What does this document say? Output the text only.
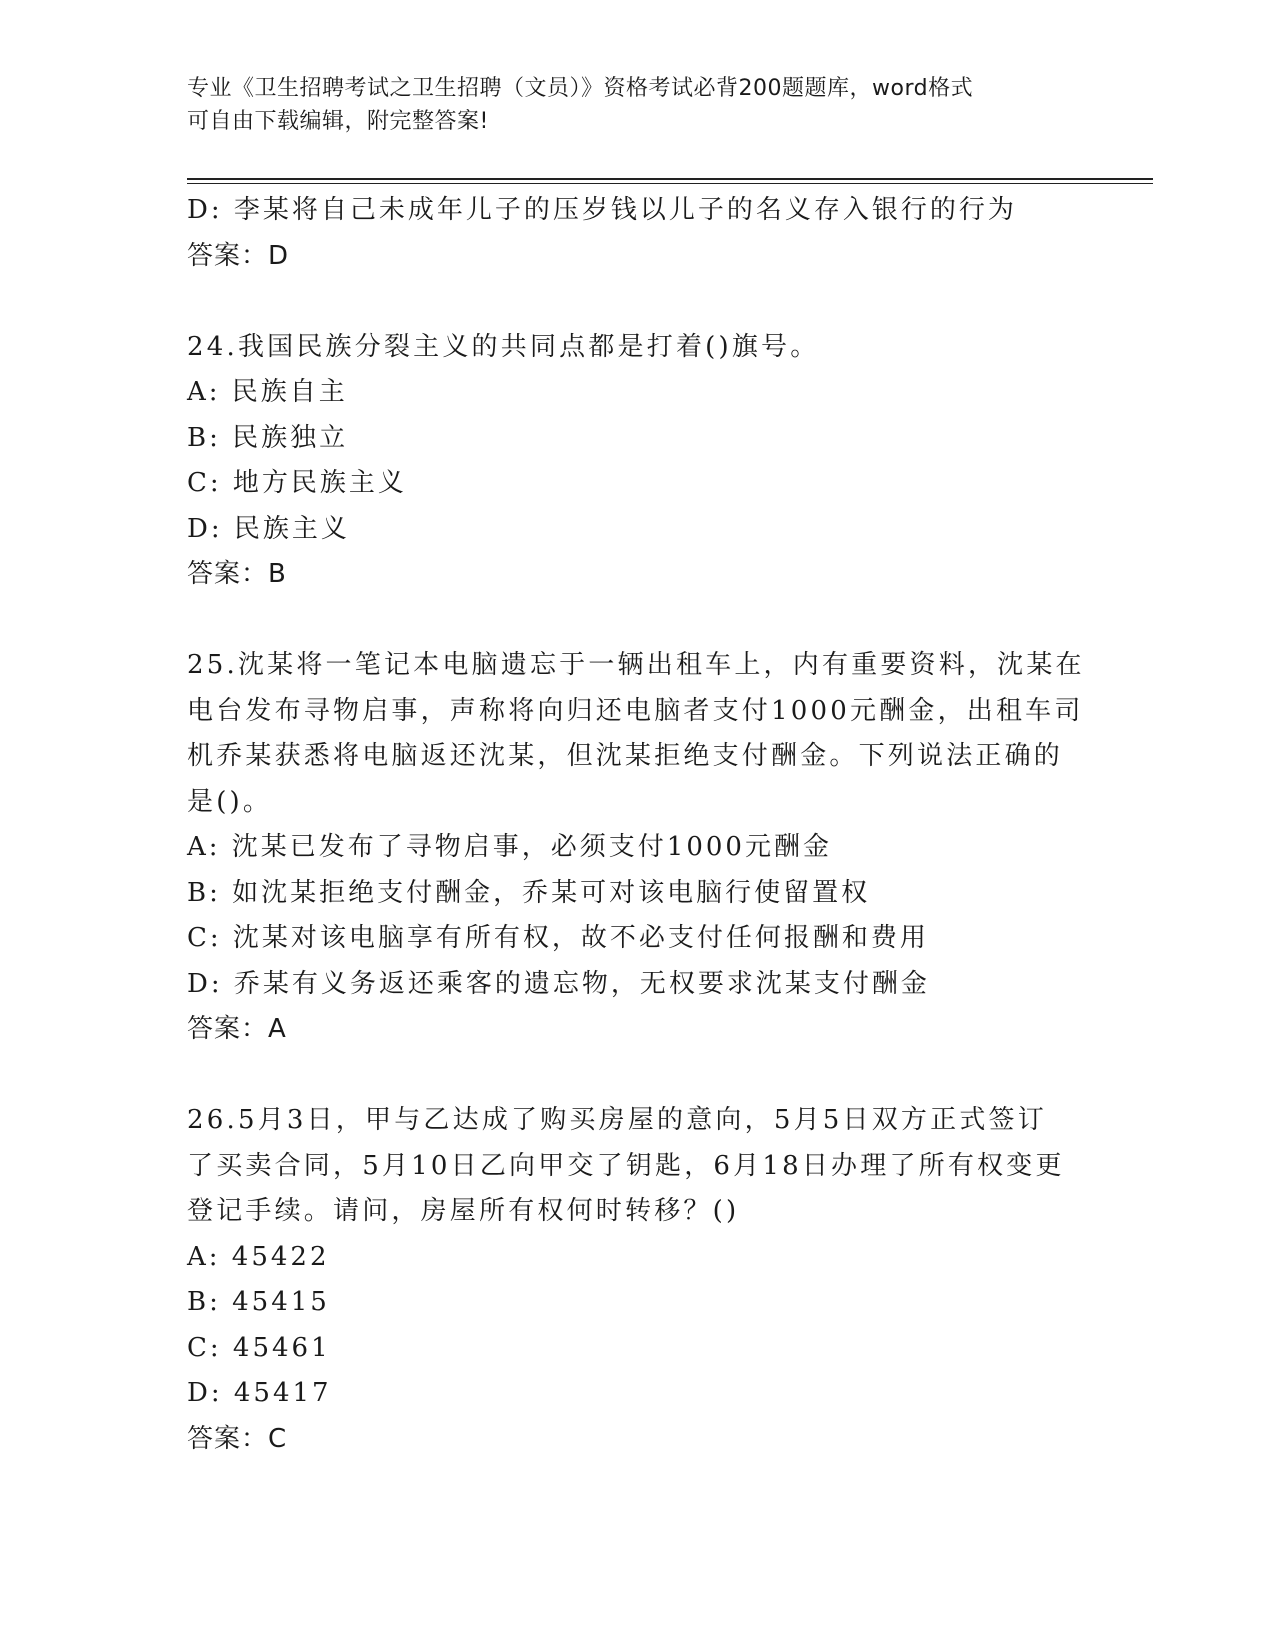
专业《卫生招聘考试之卫生招聘（文员）》资格考试必背200题题库，word格式
可自由下载编辑，附完整答案!
D: 李某将自己未成年儿子的压岁钱以儿子的名义存入银行的行为
答案：D
24.我国民族分裂主义的共同点都是打着()旗号。
A: 民族自主
B: 民族独立
C: 地方民族主义
D: 民族主义
答案：B
25.沈某将一笔记本电脑遗忘于一辆出租车上，内有重要资料，沈某在
电台发布寻物启事，声称将向归还电脑者支付1000元酬金，出租车司
机乔某获悉将电脑返还沈某，但沈某拒绝支付酬金。下列说法正确的
是()。
A: 沈某已发布了寻物启事，必须支付1000元酬金
B: 如沈某拒绝支付酬金，乔某可对该电脑行使留置权
C: 沈某对该电脑享有所有权，故不必支付任何报酬和费用
D: 乔某有义务返还乘客的遗忘物，无权要求沈某支付酬金
答案：A
26.5月3日，甲与乙达成了购买房屋的意向，5月5日双方正式签订
了买卖合同，5月10日乙向甲交了钥匙，6月18日办理了所有权变更
登记手续。请问，房屋所有权何时转移？()
A: 45422
B: 45415
C: 45461
D: 45417
答案：C
